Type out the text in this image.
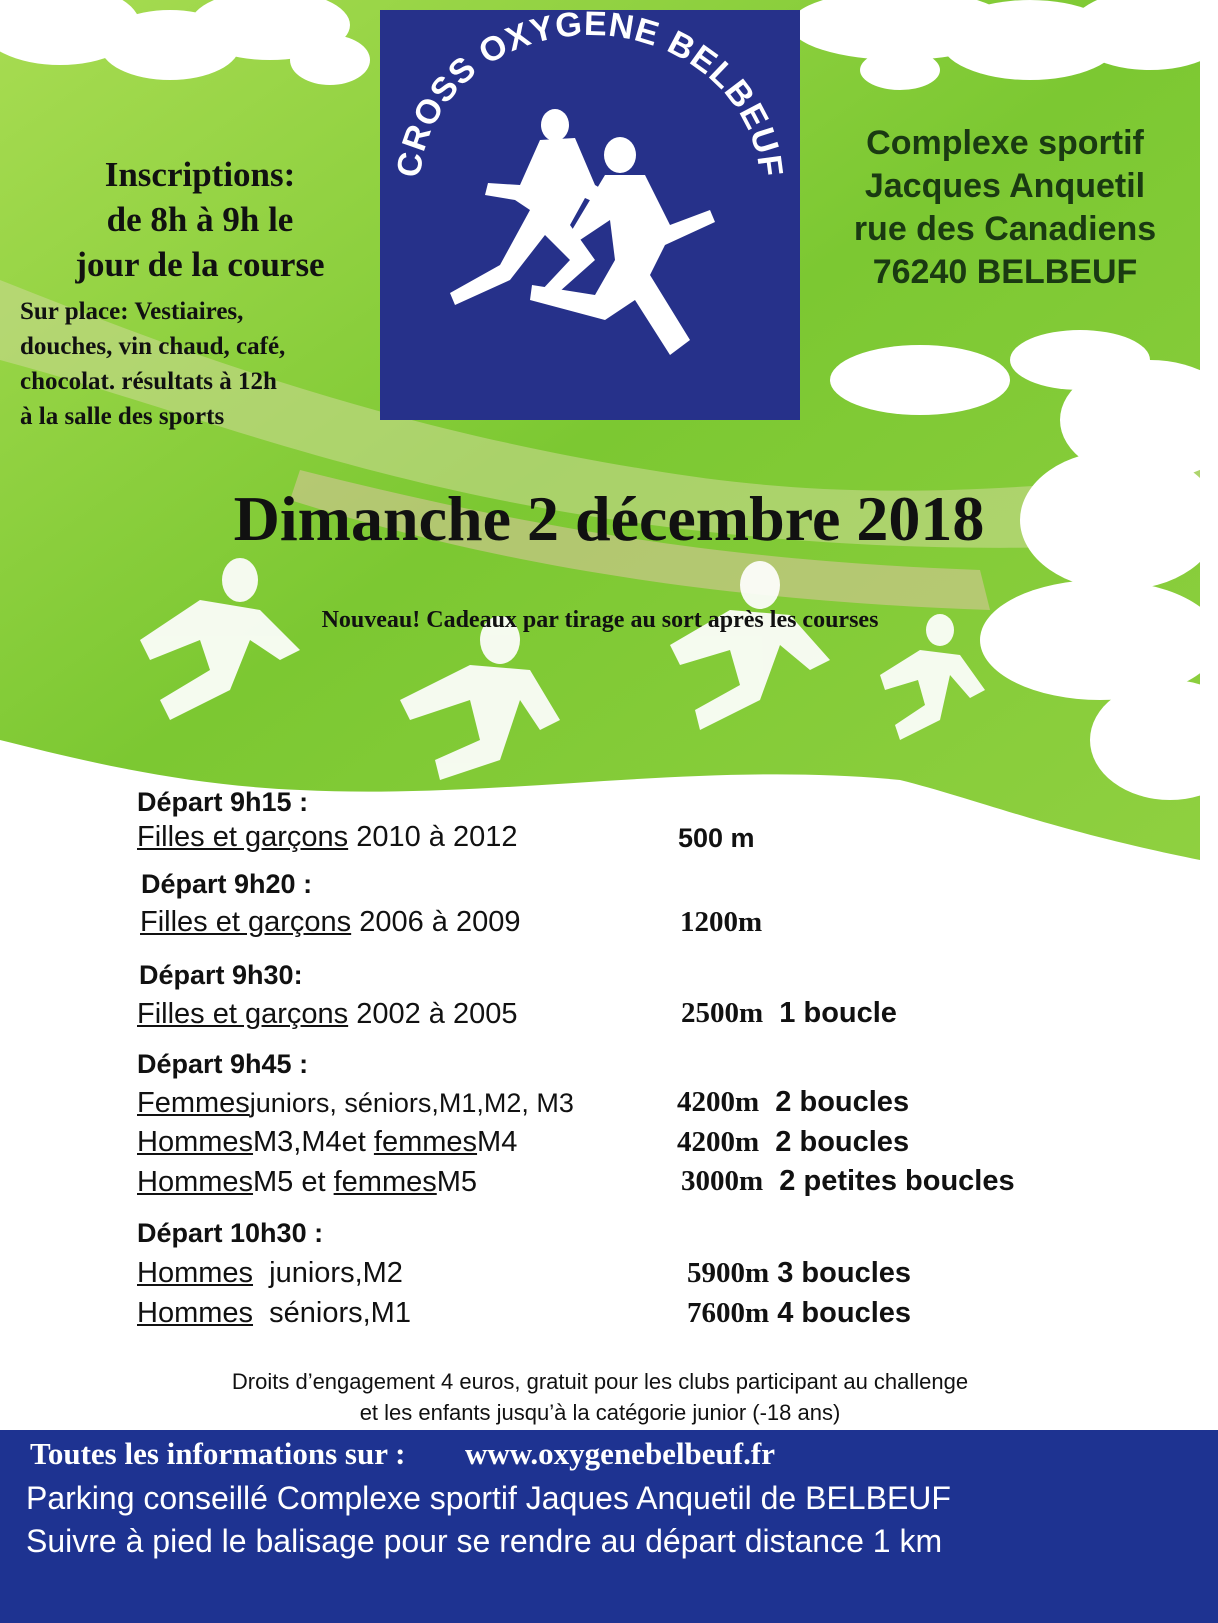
CROSS OXYGENE BELBEUF
Inscriptions:
de 8h à 9h le
jour de la course
Sur place: Vestiaires,
douches, vin chaud, café,
chocolat. résultats à 12h
à la salle des sports
Complexe sportif
Jacques Anquetil
rue des Canadiens
76240 BELBEUF
Dimanche 2 décembre 2018
Nouveau! Cadeaux par tirage au sort après les courses
Départ 9h15 :
Filles et garçons 2010 à 2012	500 m
Départ 9h20 :
Filles et garçons 2006 à 2009	1200m
Départ 9h30:
Filles et garçons 2002 à 2005	2500m 1 boucle
Départ 9h45 :
Femmesjuniors, séniors,M1,M2, M3	4200m 2 boucles
HommesM3,M4et femmesM4	4200m 2 boucles
HommesM5 et femmesM5	3000m 2 petites boucles
Départ 10h30 :
Hommes juniors,M2	5900m 3 boucles
Hommes séniors,M1	7600m 4 boucles
Droits d’engagement 4 euros, gratuit pour les clubs participant au challenge
et les enfants jusqu’à la catégorie junior (-18 ans)
Toutes les informations sur : www.oxygenebelbeuf.fr
Parking conseillé Complexe sportif Jaques Anquetil de BELBEUF
Suivre à pied le balisage pour se rendre au départ distance 1 km
